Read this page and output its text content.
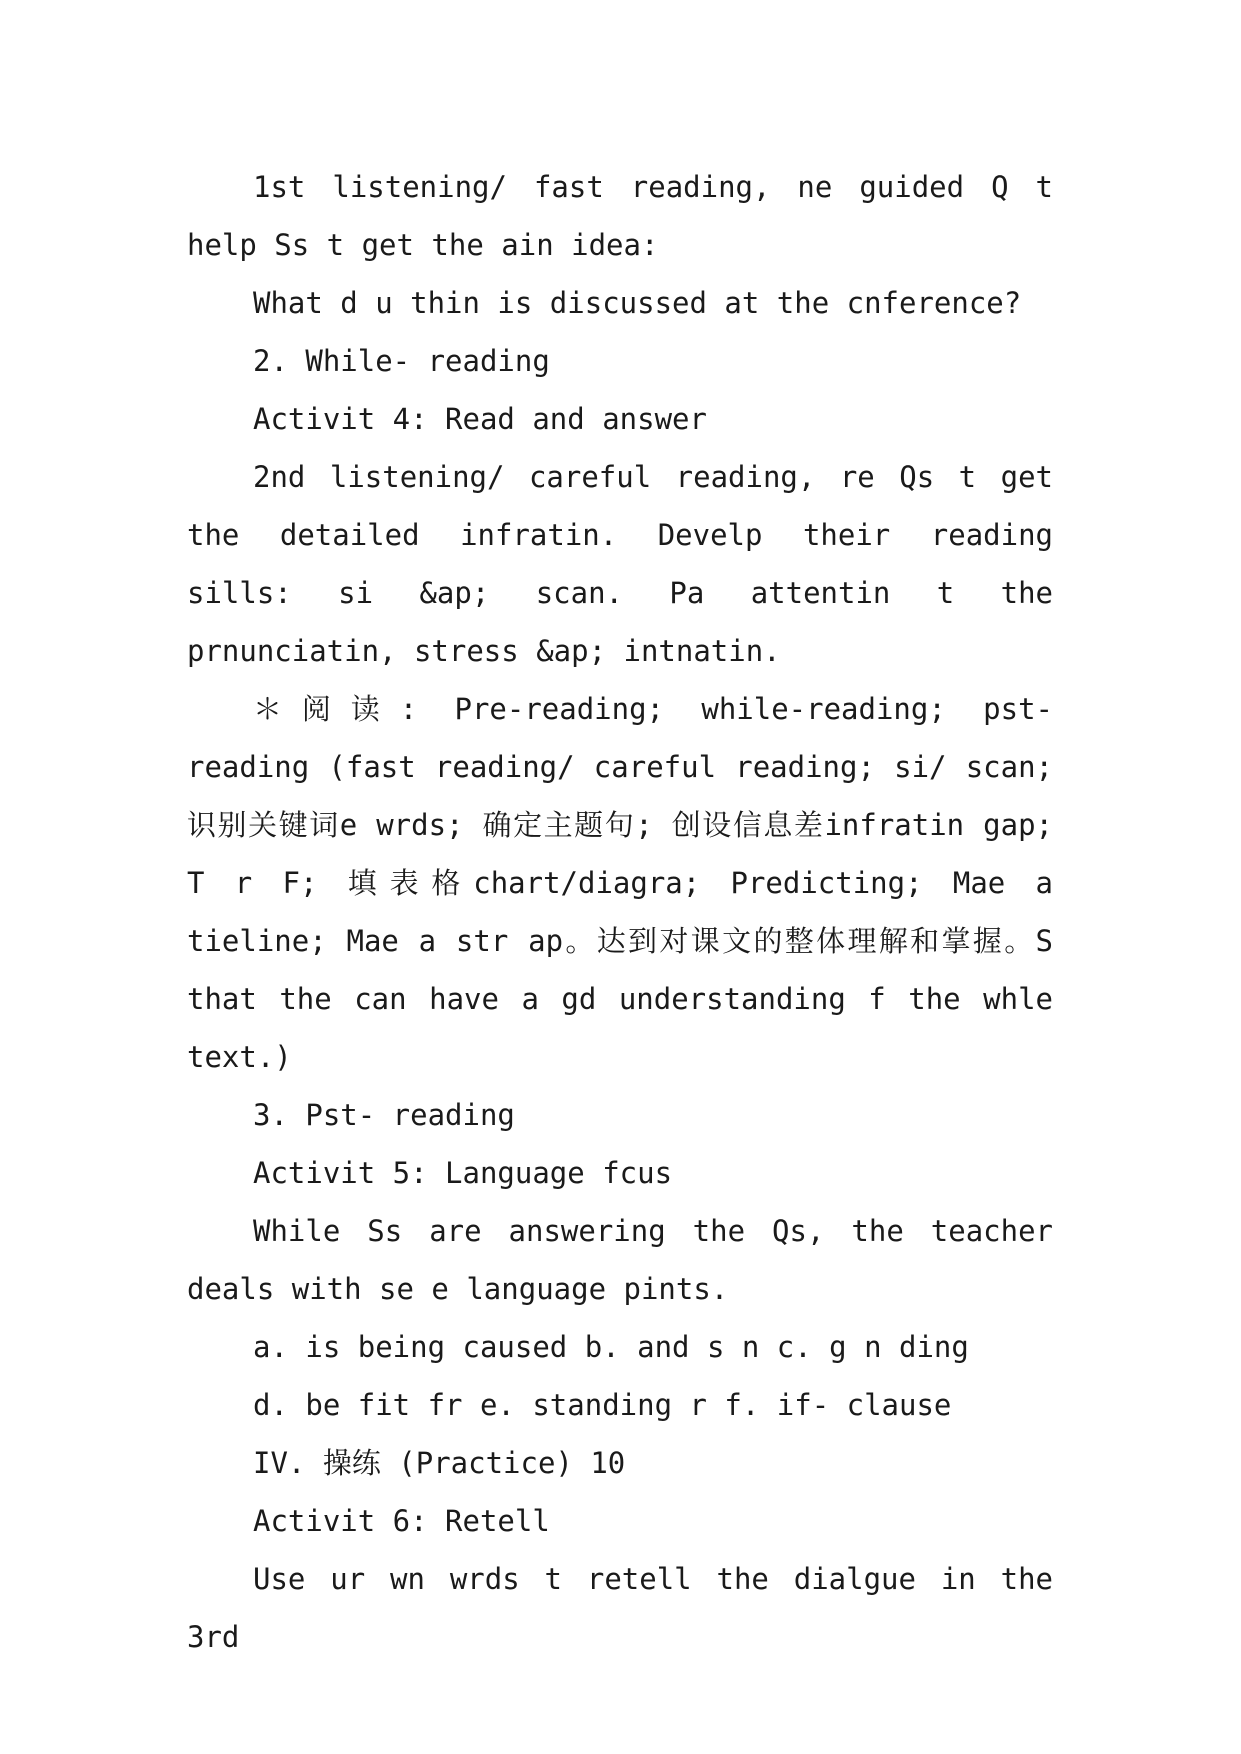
1st listening/ fast reading, ne guided Q t help Ss t get the ain idea:

What d u thin is discussed at the cnference?

2. While- reading

Activit 4: Read and answer

2nd listening/ careful reading, re Qs t get the detailed infratin. Develp their reading sills: si &ap; scan. Pa attentin t the prnunciatin, stress &ap; intnatin.

＊阅读: Pre-reading; while-reading; pst-reading (fast reading/ careful reading; si/ scan; 识别关键词e wrds; 确定主题句; 创设信息差infratin gap; T r F; 填表格chart/diagra; Predicting; Mae a tieline; Mae a str ap。达到对课文的整体理解和掌握。S that the can have a gd understanding f the whle text.)

3. Pst- reading

Activit 5: Language fcus

While Ss are answering the Qs, the teacher deals with se e language pints.

a. is being caused b. and s n c. g n ding

d. be fit fr e. standing r f. if- clause

IV. 操练 (Practice) 10

Activit 6: Retell

Use ur wn wrds t retell the dialgue in the 3rd
